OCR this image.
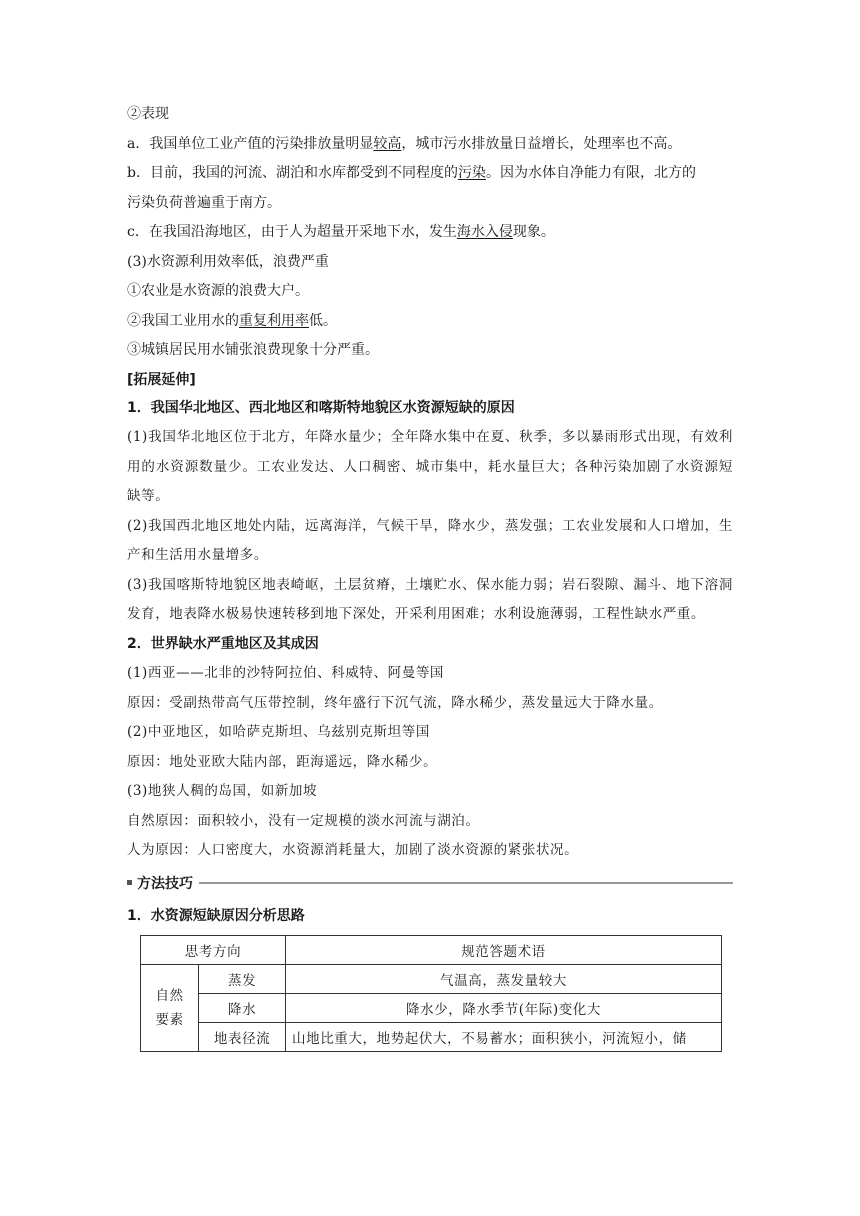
②表现
a．我国单位工业产值的污染排放量明显较高，城市污水排放量日益增长，处理率也不高。
b．目前，我国的河流、湖泊和水库都受到不同程度的污染。因为水体自净能力有限，北方的
污染负荷普遍重于南方。
c．在我国沿海地区，由于人为超量开采地下水，发生海水入侵现象。
(3)水资源利用效率低，浪费严重
①农业是水资源的浪费大户。
②我国工业用水的重复利用率低。
③城镇居民用水铺张浪费现象十分严重。
[拓展延伸]
1．我国华北地区、西北地区和喀斯特地貌区水资源短缺的原因
(1)我国华北地区位于北方，年降水量少；全年降水集中在夏、秋季，多以暴雨形式出现，有效利用的水资源数量少。工农业发达、人口稠密、城市集中，耗水量巨大；各种污染加剧了水资源短缺等。
(2)我国西北地区地处内陆，远离海洋，气候干旱，降水少，蒸发强；工农业发展和人口增加，生产和生活用水量增多。
(3)我国喀斯特地貌区地表崎岖，土层贫瘠，土壤贮水、保水能力弱；岩石裂隙、漏斗、地下溶洞发育，地表降水极易快速转移到地下深处，开采利用困难；水利设施薄弱，工程性缺水严重。
2．世界缺水严重地区及其成因
(1)西亚——北非的沙特阿拉伯、科威特、阿曼等国
原因：受副热带高气压带控制，终年盛行下沉气流，降水稀少，蒸发量远大于降水量。
(2)中亚地区，如哈萨克斯坦、乌兹别克斯坦等国
原因：地处亚欧大陆内部，距海遥远，降水稀少。
(3)地狭人稠的岛国，如新加坡
自然原因：面积较小，没有一定规模的淡水河流与湖泊。
人为原因：人口密度大，水资源消耗量大，加剧了淡水资源的紧张状况。
方法技巧
1．水资源短缺原因分析思路
思考方向		规范答题术语

自然要素	蒸发	气温高，蒸发量较大
	降水	降水少，降水季节(年际)变化大
	地表径流	山地比重大，地势起伏大，不易蓄水；面积狭小，河流短小，储
